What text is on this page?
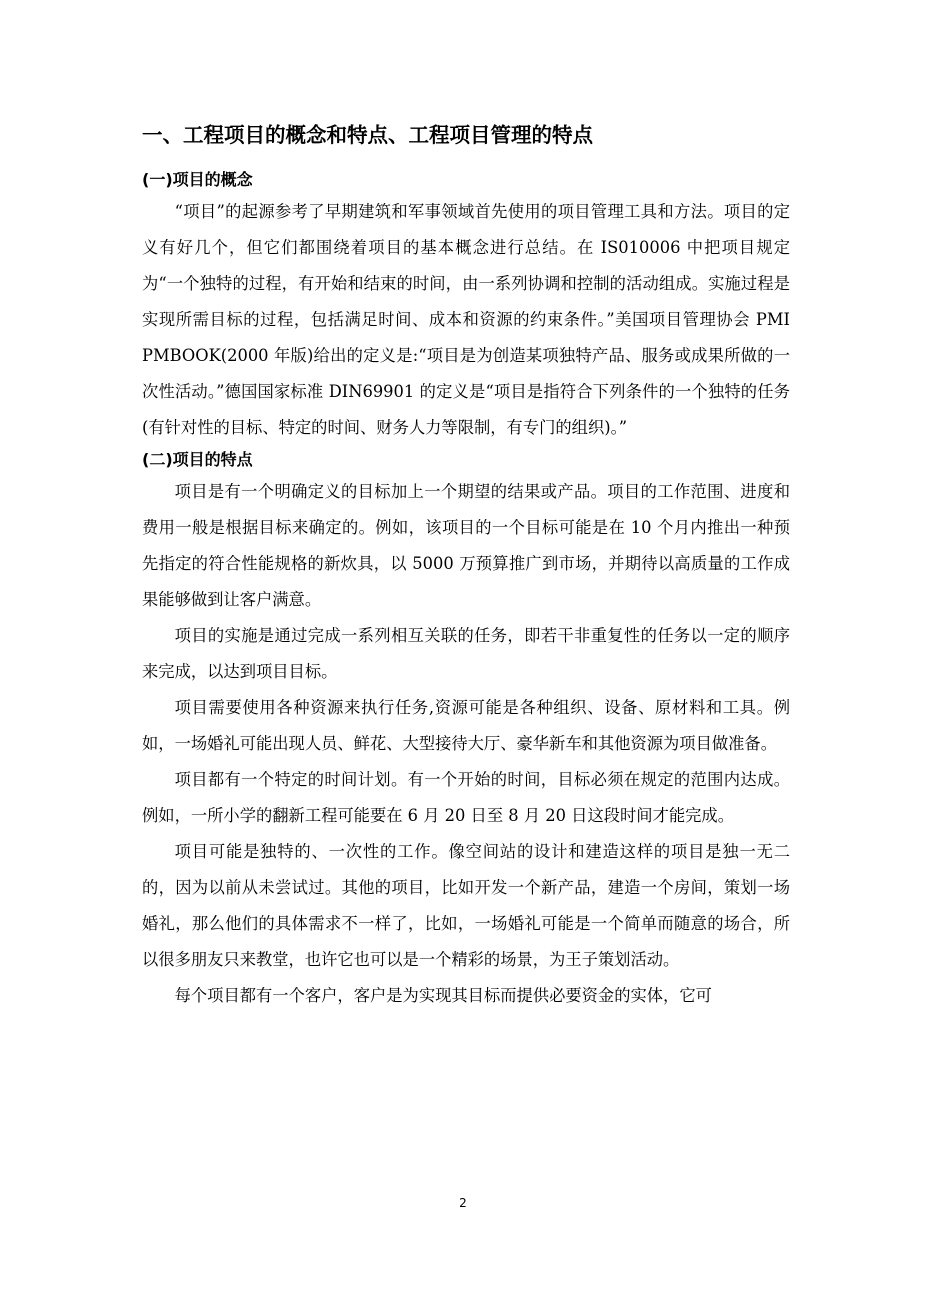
一、工程项目的概念和特点、工程项目管理的特点
(一)项目的概念

“项目”的起源参考了早期建筑和军事领域首先使用的项目管理工具和方法。项目的定义有好几个，但它们都围绕着项目的基本概念进行总结。在 IS010006 中把项目规定为“一个独特的过程，有开始和结束的时间，由一系列协调和控制的活动组成。实施过程是实现所需目标的过程，包括满足时间、成本和资源的约束条件。”美国项目管理协会 PMI PMBOOK(2000 年版)给出的定义是:“项目是为创造某项独特产品、服务或成果所做的一次性活动。”德国国家标准 DIN69901 的定义是“项目是指符合下列条件的一个独特的任务(有针对性的目标、特定的时间、财务人力等限制，有专门的组织)。”

(二)项目的特点

项目是有一个明确定义的目标加上一个期望的结果或产品。项目的工作范围、进度和费用一般是根据目标来确定的。例如，该项目的一个目标可能是在 10 个月内推出一种预先指定的符合性能规格的新炊具，以 5000 万预算推广到市场，并期待以高质量的工作成果能够做到让客户满意。

项目的实施是通过完成一系列相互关联的任务，即若干非重复性的任务以一定的顺序来完成，以达到项目目标。

项目需要使用各种资源来执行任务,资源可能是各种组织、设备、原材料和工具。例如，一场婚礼可能出现人员、鲜花、大型接待大厅、豪华新车和其他资源为项目做准备。

项目都有一个特定的时间计划。有一个开始的时间，目标必须在规定的范围内达成。例如，一所小学的翻新工程可能要在 6 月 20 日至 8 月 20 日这段时间才能完成。

项目可能是独特的、一次性的工作。像空间站的设计和建造这样的项目是独一无二的，因为以前从未尝试过。其他的项目，比如开发一个新产品，建造一个房间，策划一场婚礼，那么他们的具体需求不一样了，比如，一场婚礼可能是一个简单而随意的场合，所以很多朋友只来教堂，也许它也可以是一个精彩的场景，为王子策划活动。

每个项目都有一个客户，客户是为实现其目标而提供必要资金的实体，它可

2
